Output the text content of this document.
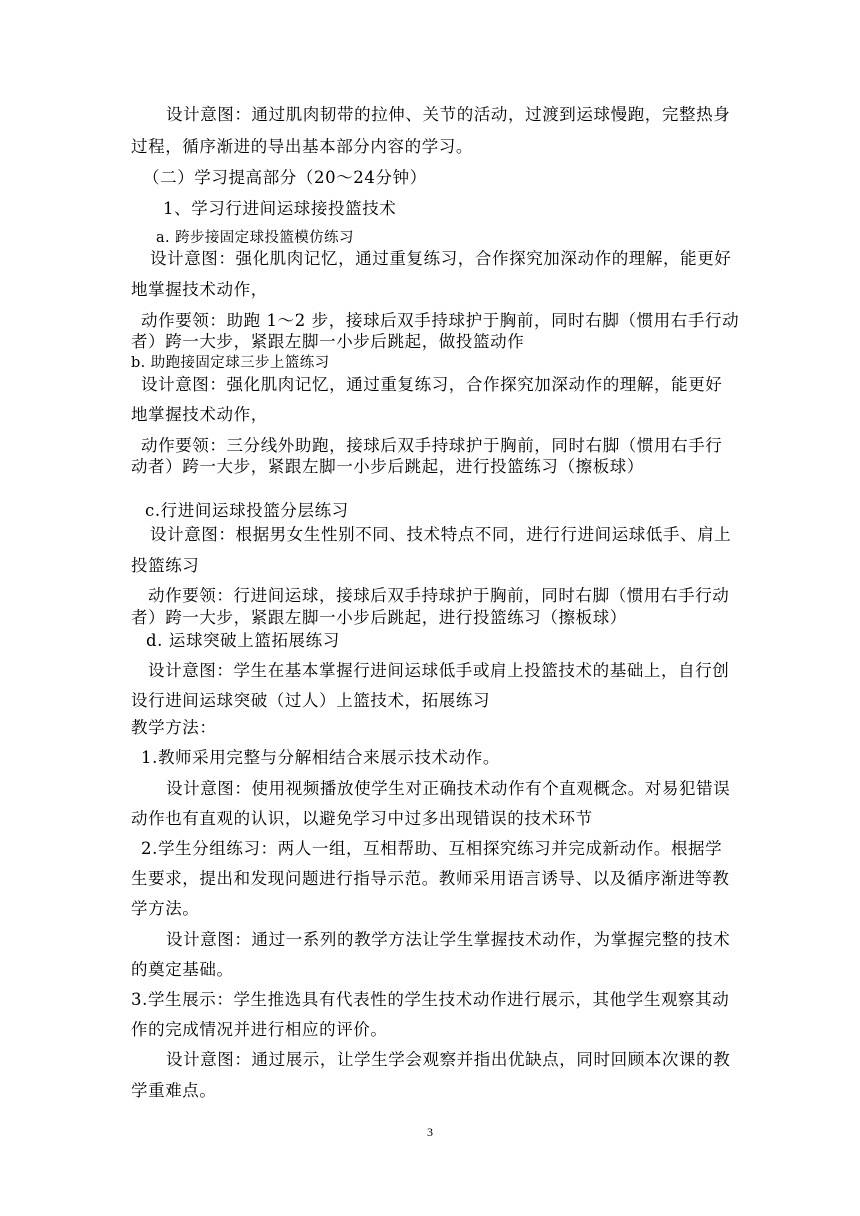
设计意图：通过肌肉韧带的拉伸、关节的活动，过渡到运球慢跑，完整热身

过程，循序渐进的导出基本部分内容的学习。

（二）学习提高部分（20～24分钟）

1、学习行进间运球接投篮技术

a. 跨步接固定球投篮模仿练习

设计意图：强化肌肉记忆，通过重复练习，合作探究加深动作的理解，能更好

地掌握技术动作，

动作要领：助跑 1～2 步，接球后双手持球护于胸前，同时右脚（惯用右手行动

者）跨一大步，紧跟左脚一小步后跳起，做投篮动作

b. 助跑接固定球三步上篮练习

设计意图：强化肌肉记忆，通过重复练习，合作探究加深动作的理解，能更好

地掌握技术动作，

动作要领：三分线外助跑，接球后双手持球护于胸前，同时右脚（惯用右手行

动者）跨一大步，紧跟左脚一小步后跳起，进行投篮练习（擦板球）

c.行进间运球投篮分层练习

设计意图：根据男女生性别不同、技术特点不同，进行行进间运球低手、肩上

投篮练习

动作要领：行进间运球，接球后双手持球护于胸前，同时右脚（惯用右手行动

者）跨一大步，紧跟左脚一小步后跳起，进行投篮练习（擦板球）

d. 运球突破上篮拓展练习

设计意图：学生在基本掌握行进间运球低手或肩上投篮技术的基础上，自行创

设行进间运球突破（过人）上篮技术，拓展练习

教学方法：

1.教师采用完整与分解相结合来展示技术动作。

设计意图：使用视频播放使学生对正确技术动作有个直观概念。对易犯错误

动作也有直观的认识，以避免学习中过多出现错误的技术环节

2.学生分组练习：两人一组，互相帮助、互相探究练习并完成新动作。根据学

生要求，提出和发现问题进行指导示范。教师采用语言诱导、以及循序渐进等教

学方法。

设计意图：通过一系列的教学方法让学生掌握技术动作，为掌握完整的技术

的奠定基础。

3.学生展示：学生推选具有代表性的学生技术动作进行展示，其他学生观察其动

作的完成情况并进行相应的评价。

设计意图：通过展示，让学生学会观察并指出优缺点，同时回顾本次课的教

学重难点。

3
